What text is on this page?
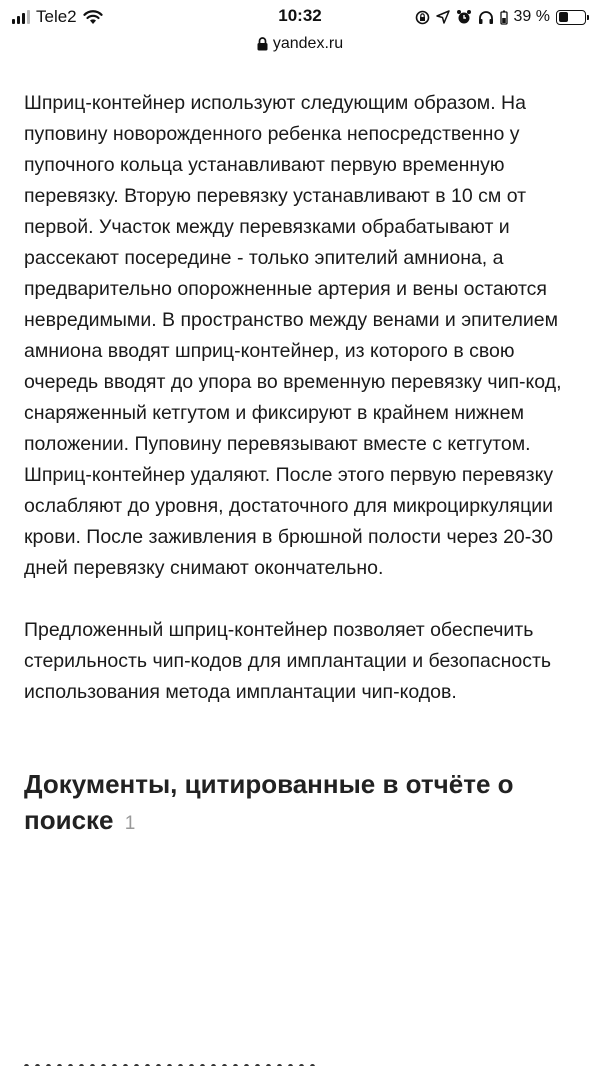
Tele2	10:32	39 %
yandex.ru

Шприц-контейнер используют следующим образом. На пуповину новорожденного ребенка непосредственно у пупочного кольца устанавливают первую временную перевязку. Вторую перевязку устанавливают в 10 см от первой. Участок между перевязками обрабатывают и рассекают посередине - только эпителий амниона, а предварительно опорожненные артерия и вены остаются невредимыми. В пространство между венами и эпителием амниона вводят шприц-контейнер, из которого в свою очередь вводят до упора во временную перевязку чип-код, снаряженный кетгутом и фиксируют в крайнем нижнем положении. Пуповину перевязывают вместе с кетгутом. Шприц-контейнер удаляют. После этого первую перевязку ослабляют до уровня, достаточного для микроциркуляции крови. После заживления в брюшной полости через 20-30 дней перевязку снимают окончательно.

Предложенный шприц-контейнер позволяет обеспечить стерильность чип-кодов для имплантации и безопасность использования метода имплантации чип-кодов.

Документы, цитированные в отчёте о поиске 1
